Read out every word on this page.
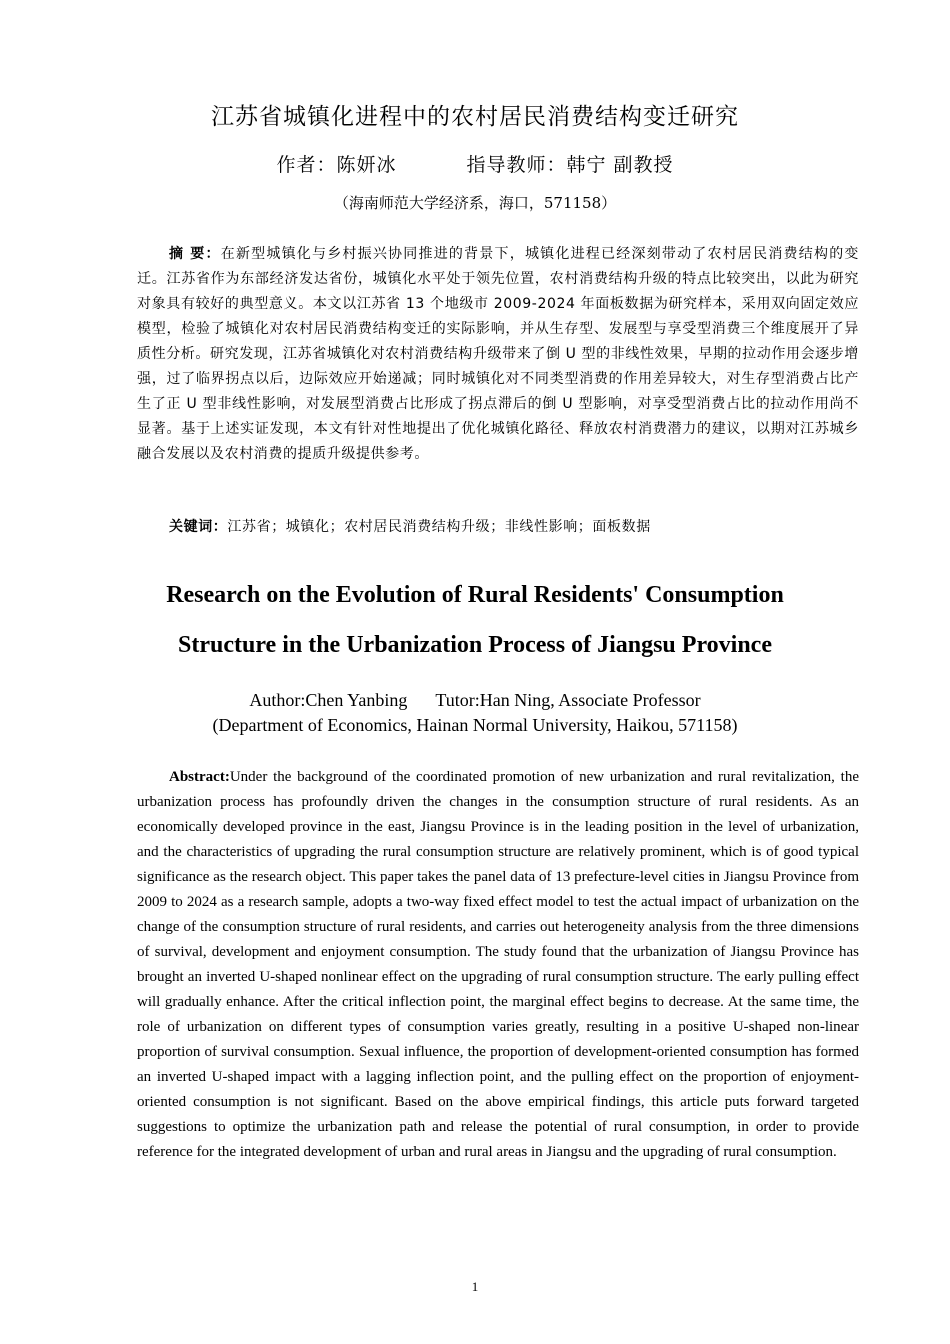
江苏省城镇化进程中的农村居民消费结构变迁研究
作者：陈妍冰	指导教师：韩宁 副教授
（海南师范大学经济系，海口，571158）
摘 要：在新型城镇化与乡村振兴协同推进的背景下，城镇化进程已经深刻带动了农村居民消费结构的变迁。江苏省作为东部经济发达省份，城镇化水平处于领先位置，农村消费结构升级的特点比较突出，以此为研究对象具有较好的典型意义。本文以江苏省 13 个地级市 2009-2024 年面板数据为研究样本，采用双向固定效应模型，检验了城镇化对农村居民消费结构变迁的实际影响，并从生存型、发展型与享受型消费三个维度展开了异质性分析。研究发现，江苏省城镇化对农村消费结构升级带来了倒 U 型的非线性效果，早期的拉动作用会逐步增强，过了临界拐点以后，边际效应开始递减；同时城镇化对不同类型消费的作用差异较大，对生存型消费占比产生了正 U 型非线性影响，对发展型消费占比形成了拐点滞后的倒 U 型影响，对享受型消费占比的拉动作用尚不显著。基于上述实证发现，本文有针对性地提出了优化城镇化路径、释放农村消费潜力的建议，以期对江苏城乡融合发展以及农村消费的提质升级提供参考。
关键词：江苏省；城镇化；农村居民消费结构升级；非线性影响；面板数据
Research on the Evolution of Rural Residents' Consumption
Structure in the Urbanization Process of Jiangsu Province
Author:Chen Yanbing Tutor:Han Ning, Associate Professor
(Department of Economics, Hainan Normal University, Haikou, 571158)
Abstract:Under the background of the coordinated promotion of new urbanization and rural revitalization, the urbanization process has profoundly driven the changes in the consumption structure of rural residents. As an economically developed province in the east, Jiangsu Province is in the leading position in the level of urbanization, and the characteristics of upgrading the rural consumption structure are relatively prominent, which is of good typical significance as the research object. This paper takes the panel data of 13 prefecture-level cities in Jiangsu Province from 2009 to 2024 as a research sample, adopts a two-way fixed effect model to test the actual impact of urbanization on the change of the consumption structure of rural residents, and carries out heterogeneity analysis from the three dimensions of survival, development and enjoyment consumption. The study found that the urbanization of Jiangsu Province has brought an inverted U-shaped nonlinear effect on the upgrading of rural consumption structure. The early pulling effect will gradually enhance. After the critical inflection point, the marginal effect begins to decrease. At the same time, the role of urbanization on different types of consumption varies greatly, resulting in a positive U-shaped non-linear proportion of survival consumption. Sexual influence, the proportion of development-oriented consumption has formed an inverted U-shaped impact with a lagging inflection point, and the pulling effect on the proportion of enjoyment-oriented consumption is not significant. Based on the above empirical findings, this article puts forward targeted suggestions to optimize the urbanization path and release the potential of rural consumption, in order to provide reference for the integrated development of urban and rural areas in Jiangsu and the upgrading of rural consumption.
1
